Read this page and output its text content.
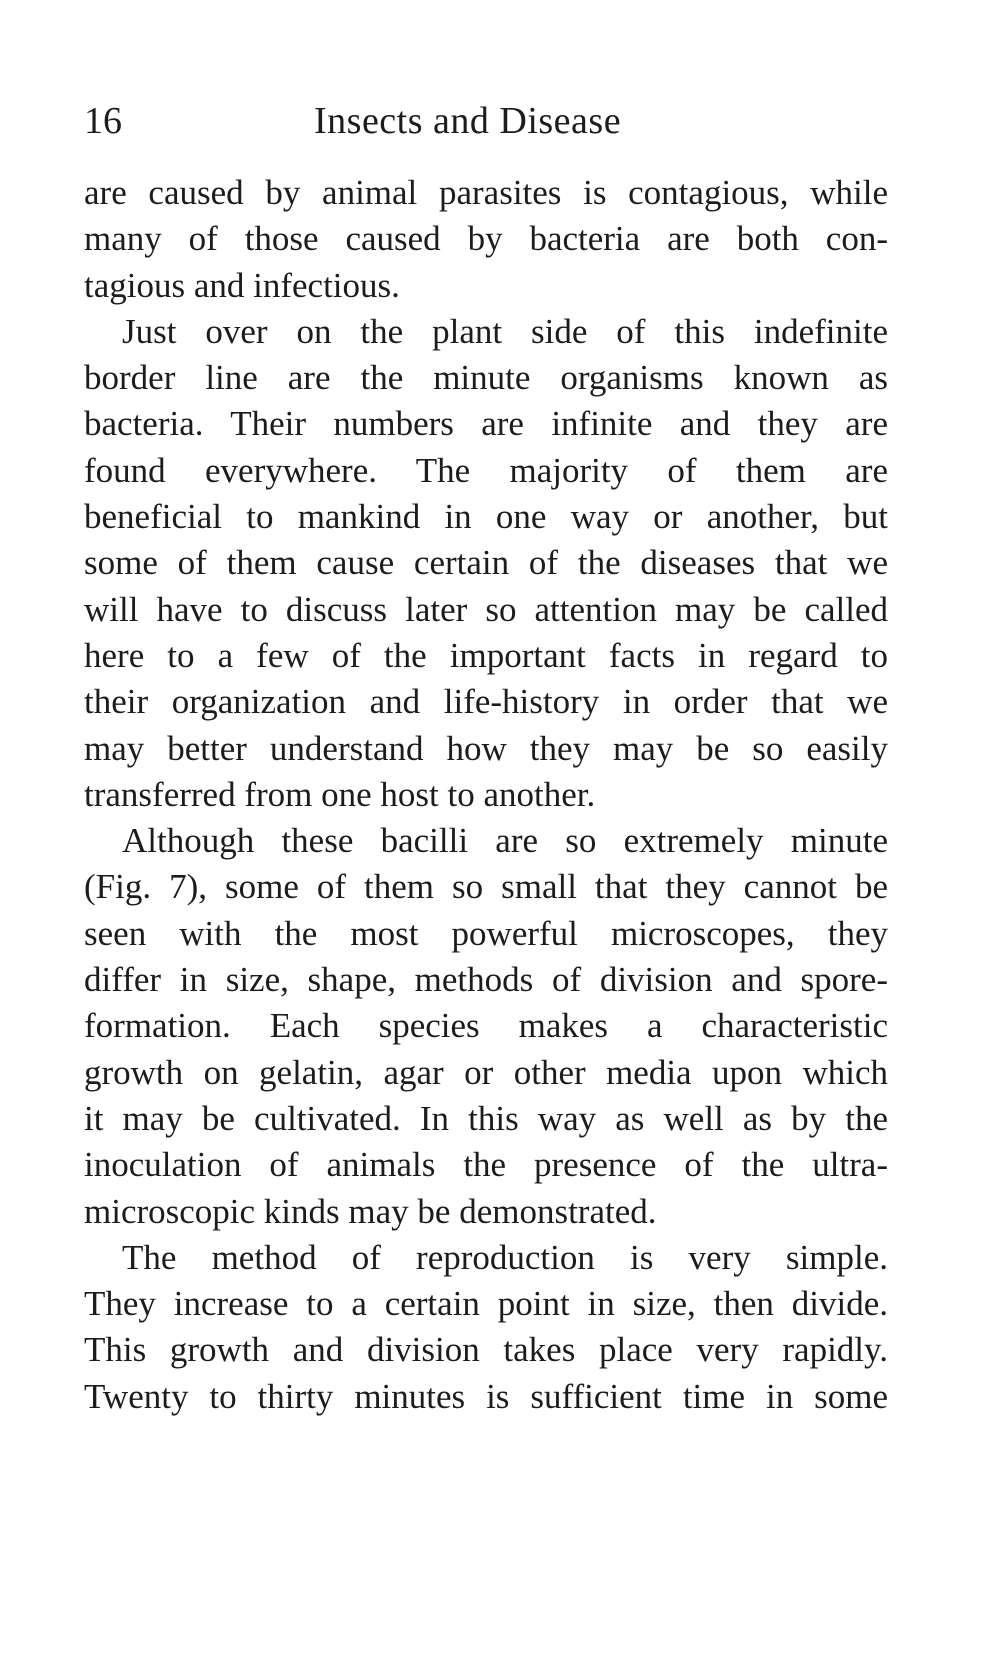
16	Insects and Disease
are caused by animal parasites is contagious, while
many of those caused by bacteria are both con-
tagious and infectious.
Just over on the plant side of this indefinite
border line are the minute organisms known as
bacteria. Their numbers are infinite and they are
found everywhere. The majority of them are
beneficial to mankind in one way or another, but
some of them cause certain of the diseases that we
will have to discuss later so attention may be called
here to a few of the important facts in regard to
their organization and life-history in order that we
may better understand how they may be so easily
transferred from one host to another.
Although these bacilli are so extremely minute
(Fig. 7), some of them so small that they cannot be
seen with the most powerful microscopes, they
differ in size, shape, methods of division and spore-
formation. Each species makes a characteristic
growth on gelatin, agar or other media upon which
it may be cultivated. In this way as well as by the
inoculation of animals the presence of the ultra-
microscopic kinds may be demonstrated.
The method of reproduction is very simple.
They increase to a certain point in size, then divide.
This growth and division takes place very rapidly.
Twenty to thirty minutes is sufficient time in some
